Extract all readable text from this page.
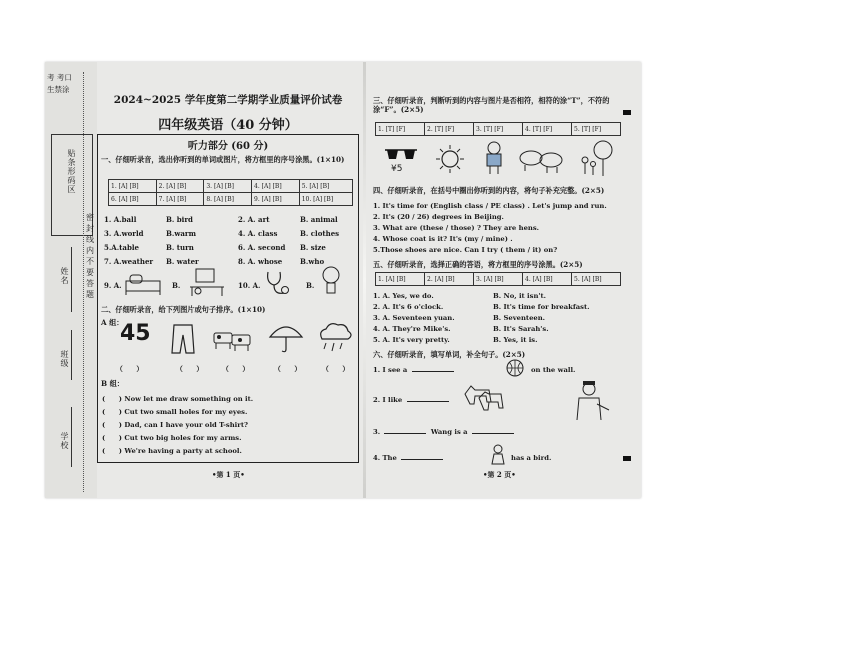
考 考口
生禁涂
贴条形码区
姓名
班级
学校
密
封
线
内
不
要
答
题
2024~2025 学年度第二学期学业质量评价试卷
四年级英语（40 分钟）
听力部分 (60 分)
一、仔细听录音，选出你听到的单词或图片，将方框里的序号涂黑。(1×10)
1. [A] [B]	2. [A] [B]	3. [A] [B]	4. [A] [B]	5. [A] [B]
6. [A] [B]	7. [A] [B]	8. [A] [B]	9. [A] [B]	10. [A] [B]
1. A.ball	B. bird	2. A. art	B. animal
3. A.world	B.warm	4. A. class	B. clothes
5.A.table	B. turn	6. A. second B. size
7. A.weather B. water	8. A. whose	B.who
9. A.	B.	10. A.	B.
二、仔细听录音，给下列图片或句子排序。(1×10)
A 组：
45
（　　）	（　　）	（　　）	（　　）	（　　）
B 组：
(　　) Now let me draw something on it.
(　　) Cut two small holes for my eyes.
(　　) Dad, can I have your old T-shirt?
(　　) Cut two big holes for my arms.
(　　) We're having a party at school.
•第 1 页•
三、仔细听录音，判断听到的内容与图片是否相符，相符的涂“T”，不符的涂“F”。(2×5)
1. [T] [F]	2. [T] [F]	3. [T] [F]	4. [T] [F]	5. [T] [F]
¥5
四、仔细听录音，在括号中圈出你听到的内容，将句子补充完整。(2×5)
1. It's time for (English class / PE class) . Let's jump and run.
2. It's (20 / 26) degrees in Beijing.
3. What are (these / those) ? They are hens.
4. Whose coat is it? It's (my / mine) .
5.Those shoes are nice. Can I try ( them / it) on?
五、仔细听录音，选择正确的答语，将方框里的序号涂黑。(2×5)
1. [A] [B]	2. [A] [B]	3. [A] [B]	4. [A] [B]	5. [A] [B]
1. A. Yes, we do.	B. No, it isn't.
2. A. It's 6 o'clock.	B. It's time for breakfast.
3. A. Seventeen yuan.	B. Seventeen.
4. A. They're Mike's.	B. It's Sarah's.
5. A. It's very pretty.	B. Yes, it is.
六、仔细听录音，填写单词，补全句子。(2×5)
1. I see a	on the wall.
2. I like
3.	Wang is a
4. The	has a bird.
•第 2 页•
